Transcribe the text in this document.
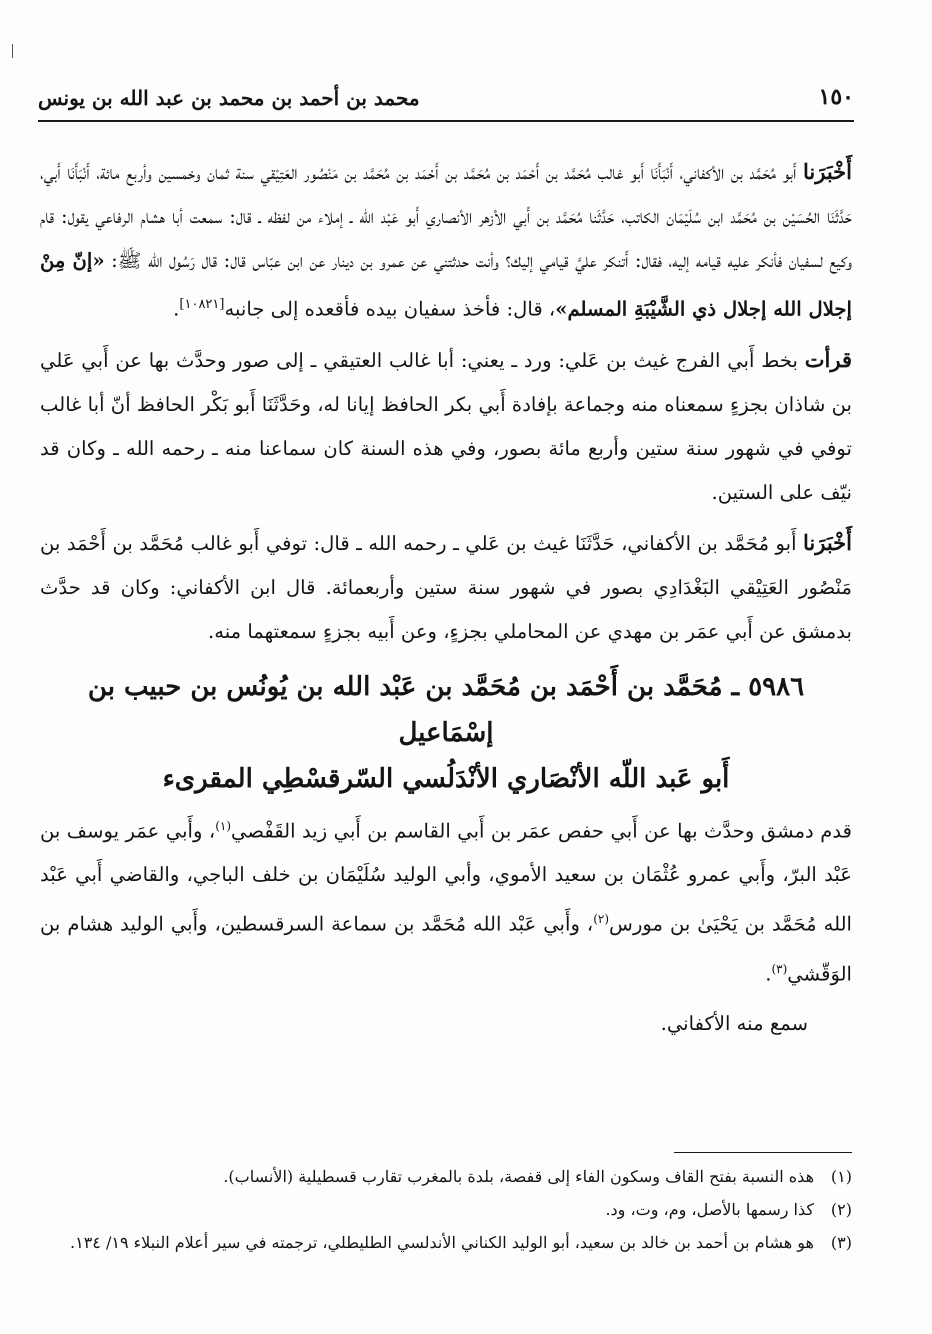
١٥٠
محمد بن أحمد بن محمد بن عبد الله بن يونس

أَخْبَرَنا أَبو مُحَمَّد بن الأكفاني، أَنْبَأَنَا أَبو غالب مُحَمَّد بن أَحْمَد بن مُحَمَّد بن أَحْمَد بن مُحَمَّد بن مَنْصُور العَتِيْقي سنة ثمان وخمسين وأربع مائة، أَنْبَأَنَا أَبي، حَدَّثَنَا الحُسَيْن بن مُحَمَّد ابن سُلَيْمَان الكاتب، حَدَّثَنا مُحَمَّد بن أَبي الأزهر الأنصاري أَبو عَبْد الله ـ إملاء من لفظه ـ قال: سمعت أبا هشام الرفاعي يقول: قام وكيع لسفيان فأنكر عليه قيامه إليه، فقال: أَتنكر عليَّ قيامي إليك؟ وأنت حدثتني عن عمرو بن دينار عن ابن عبّاس قال: قال رَسُول الله ﷺ: «إنّ مِنْ إجلال الله إجلال ذي الشَّيْبَةِ المسلم»، قال: فأخذ سفيان بيده فأقعده إلى جانبه[١٠٨٢١].

قرأت بخط أَبي الفرج غيث بن عَلي: ورد ـ يعني: أبا غالب العتيقي ـ إلى صور وحدَّث بها عن أَبي عَلي بن شاذان بجزءٍ سمعناه منه وجماعة بإفادة أَبي بكر الحافظ إيانا له، وحَدَّثَنَا أَبو بَكْر الحافظ أنّ أبا غالب توفي في شهور سنة ستين وأربع مائة بصور، وفي هذه السنة كان سماعنا منه ـ رحمه الله ـ وكان قد نيّف على الستين.

أَخْبَرَنا أَبو مُحَمَّد بن الأكفاني، حَدَّثَنَا غيث بن عَلي ـ رحمه الله ـ قال: توفي أَبو غالب مُحَمَّد بن أَحْمَد بن مَنْصُور العَتِيْقي البَغْدَادِي بصور في شهور سنة ستين وأربعمائة. قال ابن الأكفاني: وكان قد حدَّث بدمشق عن أَبي عمَر بن مهدي عن المحاملي بجزءٍ، وعن أَبيه بجزءٍ سمعتهما منه.

٥٩٨٦ ـ مُحَمَّد بن أَحْمَد بن مُحَمَّد بن عَبْد الله بن يُونُس بن حبيب بن إسْمَاعيل
أَبو عَبد اللّه الأنْصَاري الأنْدَلُسي السّرقسْطِي المقرىء

قدم دمشق وحدَّث بها عن أَبي حفص عمَر بن أَبي القاسم بن أَبي زيد القَفْصي$^{(١)}$، وأَبي عمَر يوسف بن عَبْد البرّ، وأَبي عمرو عُثْمَان بن سعيد الأموي، وأبي الوليد سُلَيْمَان بن خلف الباجي، والقاضي أَبي عَبْد الله مُحَمَّد بن يَحْيَىٰ بن مورس$^{(٢)}$، وأَبي عَبْد الله مُحَمَّد بن سماعة السرقسطين، وأَبي الوليد هشام بن الوَقّشي$^{(٣)}$.

سمع منه الأكفاني.

(١)
هذه النسبة بفتح القاف وسكون الفاء إلى قفصة، بلدة بالمغرب تقارب قسطيلية (الأنساب).
(٢)
كذا رسمها بالأصل، وم، وت، ود.
(٣)
هو هشام بن أحمد بن خالد بن سعيد، أبو الوليد الكناني الأندلسي الطليطلي، ترجمته في سير أعلام النبلاء ١٩/ ١٣٤.
